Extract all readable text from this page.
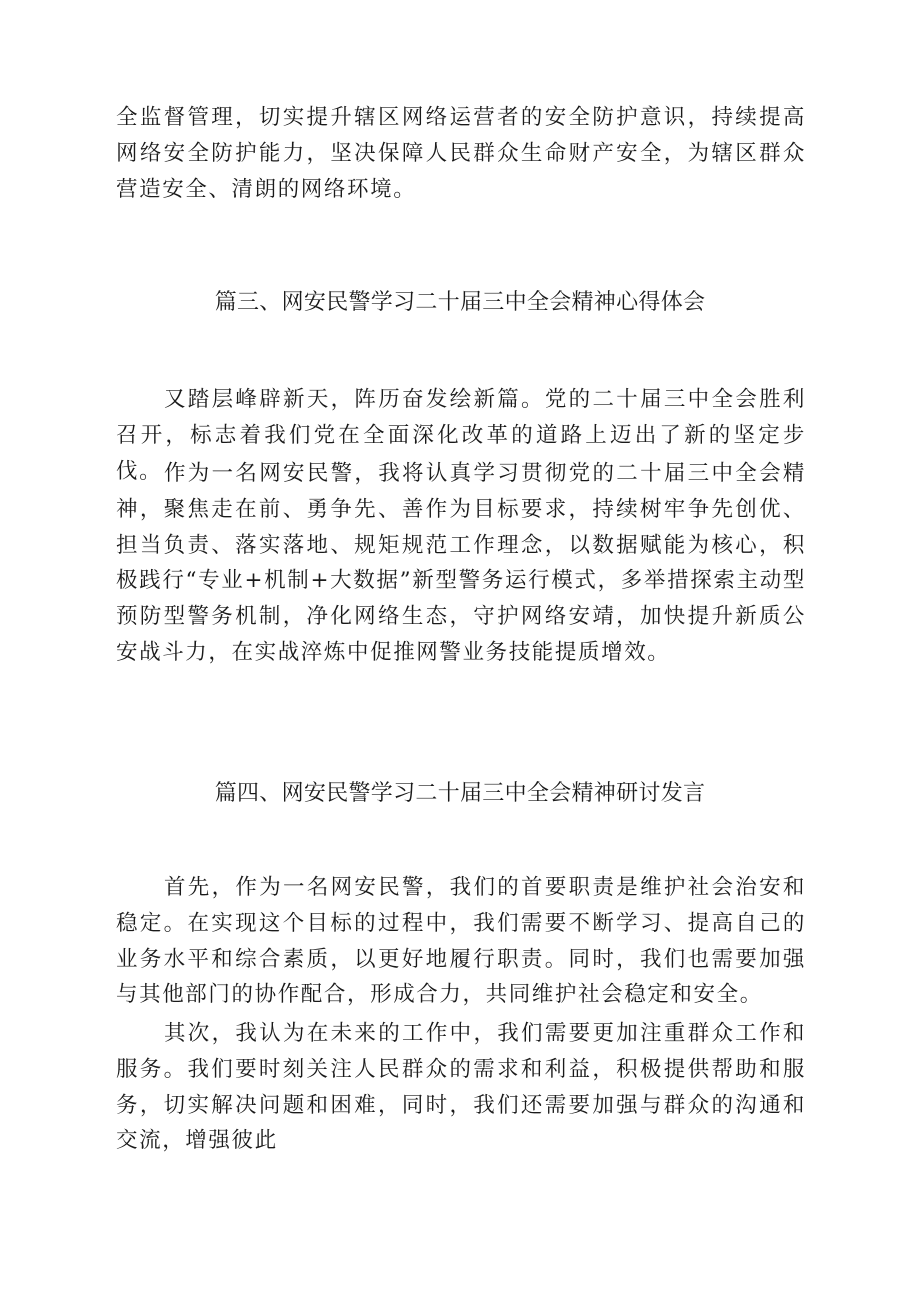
全监督管理，切实提升辖区网络运营者的安全防护意识，持续提高网络安全防护能力，坚决保障人民群众生命财产安全，为辖区群众营造安全、清朗的网络环境。

篇三、网安民警学习二十届三中全会精神心得体会

又踏层峰辟新天，阵历奋发绘新篇。党的二十届三中全会胜利召开，标志着我们党在全面深化改革的道路上迈出了新的坚定步伐。 作为一名网安民警，我将认真学习贯彻党的二十届三中全会精神，聚焦走在前、勇争先、善作为目标要求，持续树牢争先创优、担当负责、落实落地、规矩规范工作理念，以数据赋能为核心，积极践行“专业+机制+大数据”新型警务运行模式，多举措探索主动型预防型警务机制，净化网络生态，守护网络安靖，加快提升新质公安战斗力，在实战淬炼中促推网警业务技能提质增效。

篇四、网安民警学习二十届三中全会精神研讨发言

首先，作为一名网安民警，我们的首要职责是维护社会治安和稳定。在实现这个目标的过程中，我们需要不断学习、提高自己的业务水平和综合素质，以更好地履行职责。同时，我们也需要加强与其他部门的协作配合，形成合力，共同维护社会稳定和安全。

其次，我认为在未来的工作中，我们需要更加注重群众工作和服务。我们要时刻关注人民群众的需求和利益，积极提供帮助和服务，切实解决问题和困难，同时，我们还需要加强与群众的沟通和交流，增强彼此
